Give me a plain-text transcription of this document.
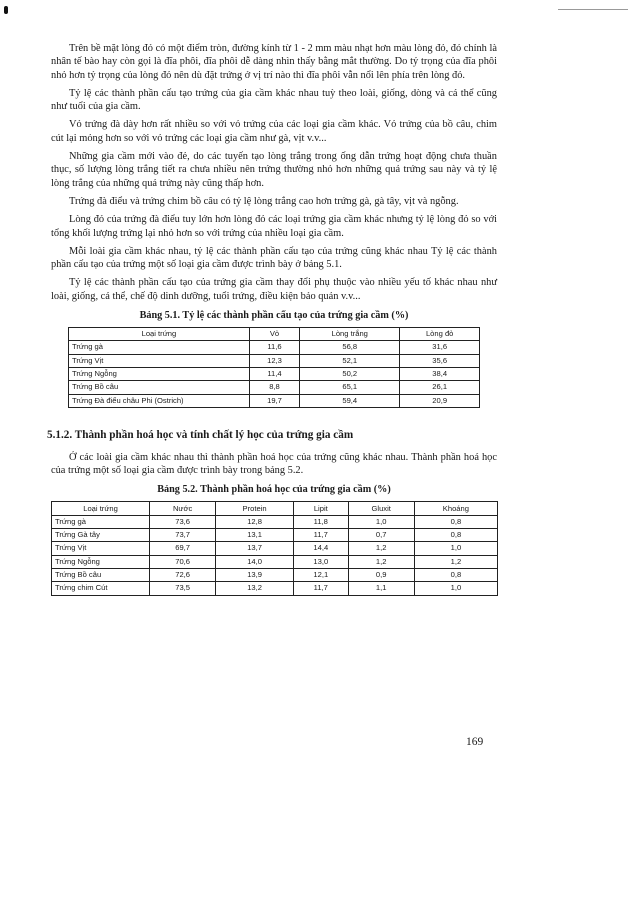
Trên bề mặt lòng đỏ có một điểm tròn, đường kính từ 1 - 2 mm màu nhạt hơn màu lòng đỏ, đó chính là nhân tế bào hay còn gọi là đĩa phôi, đĩa phôi dễ dàng nhìn thấy bằng mắt thường. Do tỷ trọng của đĩa phôi nhỏ hơn tỷ trọng của lòng đỏ nên dù đặt trứng ở vị trí nào thì đĩa phôi vẫn nổi lên phía trên lòng đỏ.

Tỷ lệ các thành phần cấu tạo trứng của gia cầm khác nhau tuỳ theo loài, giống, dòng và cá thể cũng như tuổi của gia cầm.

Vỏ trứng đà dày hơn rất nhiều so với vỏ trứng của các loại gia cầm khác. Vỏ trứng của bồ câu, chim cút lại mỏng hơn so với vỏ trứng các loại gia cầm như gà, vịt v.v...

Những gia cầm mới vào đẻ, do các tuyến tạo lòng trắng trong ống dẫn trứng hoạt động chưa thuần thục, số lượng lòng trắng tiết ra chưa nhiều nên trứng thường nhỏ hơn những quả trứng sau này và tỷ lệ lòng trắng của những quả trứng này cũng thấp hơn.

Trứng đà điểu và trứng chim bồ câu có tỷ lệ lòng trắng cao hơn trứng gà, gà tây, vịt và ngỗng.

Lòng đỏ của trứng đà điểu tuy lớn hơn lòng đỏ các loại trứng gia cầm khác nhưng tỷ lệ lòng đỏ so với tổng khối lượng trứng lại nhỏ hơn so với trứng của nhiều loại gia cầm.

Mỗi loài gia cầm khác nhau, tỷ lệ các thành phần cấu tạo của trứng cũng khác nhau Tỷ lệ các thành phần cấu tạo của trứng một số loại gia cầm được trình bày ở bảng 5.1.

Tỷ lệ các thành phần cấu tạo của trứng gia cầm thay đổi phụ thuộc vào nhiều yếu tố khác nhau như loài, giống, cá thể, chế độ dinh dưỡng, tuổi trứng, điều kiện bảo quản v.v...

Bảng 5.1. Tỷ lệ các thành phần cấu tạo của trứng gia cầm (%)
Loại trứng	Vỏ	Lòng trắng	Lòng đỏ
Trứng gà	11,6	56,8	31,6
Trứng Vịt	12,3	52,1	35,6
Trứng Ngỗng	11,4	50,2	38,4
Trứng Bồ câu	8,8	65,1	26,1
Trứng Đà điểu châu Phi (Ostrich)	19,7	59,4	20,9
5.1.2. Thành phần hoá học và tính chất lý học của trứng gia cầm

Ở các loài gia cầm khác nhau thì thành phần hoá học của trứng cũng khác nhau. Thành phần hoá học của trứng một số loại gia cầm được trình bày trong bảng 5.2.

Bảng 5.2. Thành phần hoá học của trứng gia cầm (%)
Loại trứng	Nước	Protein	Lipit	Gluxit	Khoáng
Trứng gà	73,6	12,8	11,8	1,0	0,8
Trứng Gà tây	73,7	13,1	11,7	0,7	0,8
Trứng Vịt	69,7	13,7	14,4	1,2	1,0
Trứng Ngỗng	70,6	14,0	13,0	1,2	1,2
Trứng Bồ câu	72,6	13,9	12,1	0,9	0,8
Trứng chim Cút	73,5	13,2	11,7	1,1	1,0
169
